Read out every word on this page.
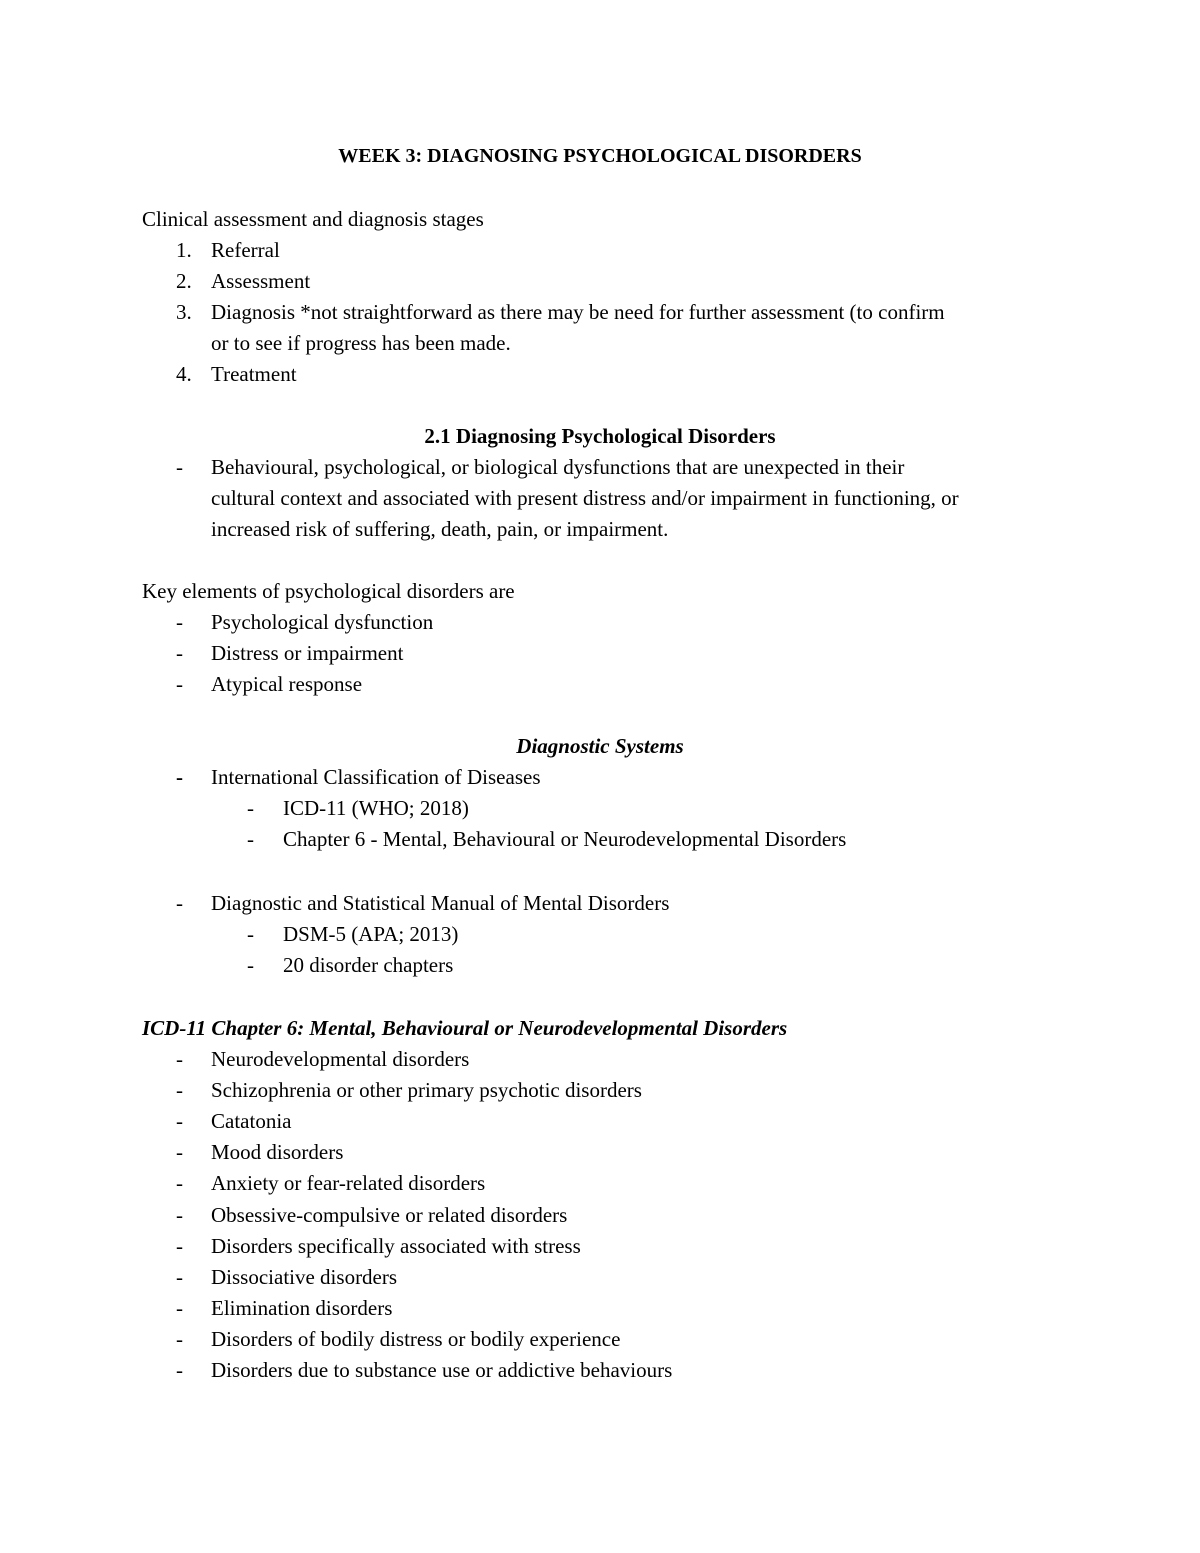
WEEK 3: DIAGNOSING PSYCHOLOGICAL DISORDERS
Clinical assessment and diagnosis stages
1. Referral
2. Assessment
3. Diagnosis *not straightforward as there may be need for further assessment (to confirm
or to see if progress has been made.
4. Treatment
2.1 Diagnosing Psychological Disorders
- Behavioural, psychological, or biological dysfunctions that are unexpected in their
cultural context and associated with present distress and/or impairment in functioning, or
increased risk of suffering, death, pain, or impairment.
Key elements of psychological disorders are
- Psychological dysfunction
- Distress or impairment
- Atypical response
Diagnostic Systems
- International Classification of Diseases
- ICD-11 (WHO; 2018)
- Chapter 6 - Mental, Behavioural or Neurodevelopmental Disorders
- Diagnostic and Statistical Manual of Mental Disorders
- DSM-5 (APA; 2013)
- 20 disorder chapters
ICD-11 Chapter 6: Mental, Behavioural or Neurodevelopmental Disorders
- Neurodevelopmental disorders
- Schizophrenia or other primary psychotic disorders
- Catatonia
- Mood disorders
- Anxiety or fear-related disorders
- Obsessive-compulsive or related disorders
- Disorders specifically associated with stress
- Dissociative disorders
- Elimination disorders
- Disorders of bodily distress or bodily experience
- Disorders due to substance use or addictive behaviours
